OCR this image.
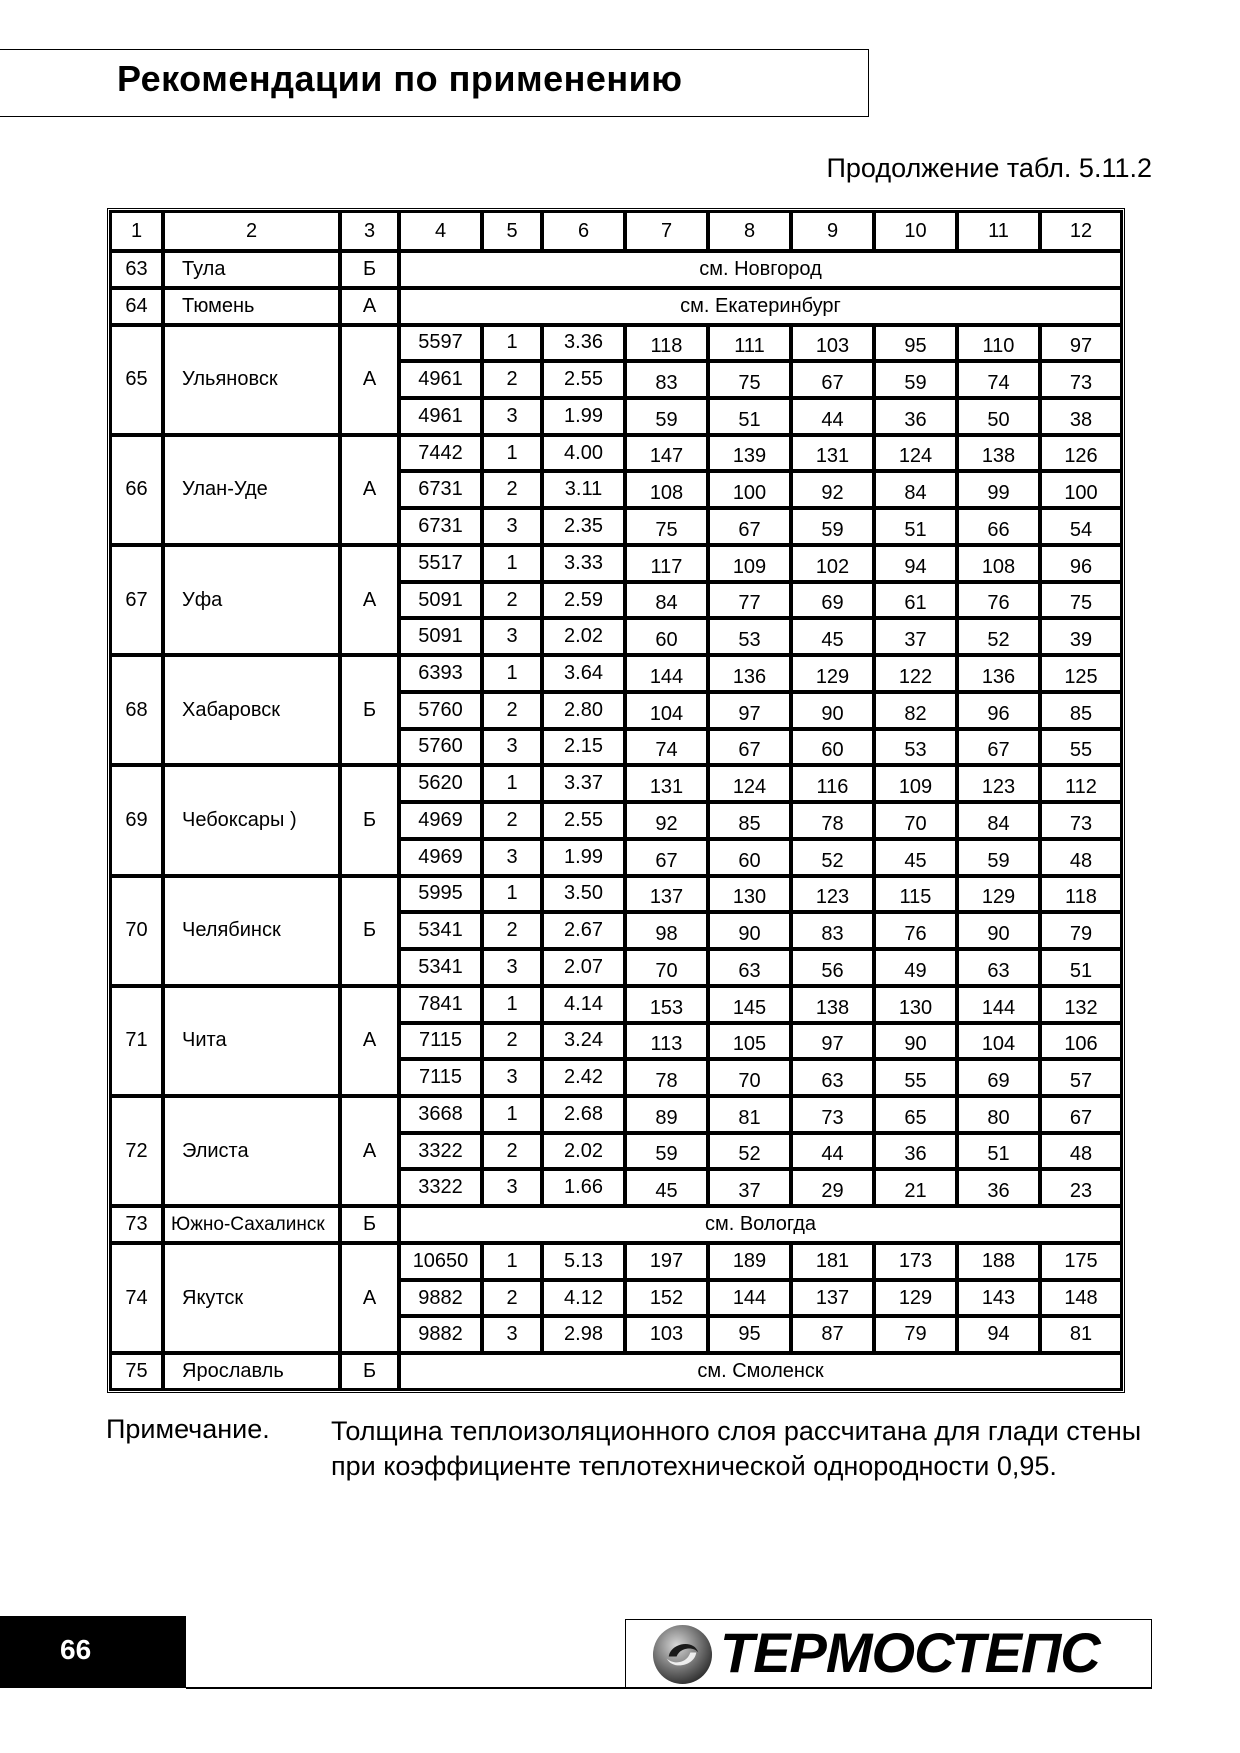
Рекомендации по применению
Продолжение табл. 5.11.2
1	2	3	4	5	6	7	8	9	10	11	12
63	Тула	Б	см. Новгород								
64	Тюмень	А	см. Екатеринбург								
65	Ульяновск	А	5597	1	3.36	118	111	103	95	110	97
			4961	2	2.55	83	75	67	59	74	73
			4961	3	1.99	59	51	44	36	50	38
66	Улан-Уде	А	7442	1	4.00	147	139	131	124	138	126
			6731	2	3.11	108	100	92	84	99	100
			6731	3	2.35	75	67	59	51	66	54
67	Уфа	А	5517	1	3.33	117	109	102	94	108	96
			5091	2	2.59	84	77	69	61	76	75
			5091	3	2.02	60	53	45	37	52	39
68	Хабаровск	Б	6393	1	3.64	144	136	129	122	136	125
			5760	2	2.80	104	97	90	82	96	85
			5760	3	2.15	74	67	60	53	67	55
69	Чебоксары )	Б	5620	1	3.37	131	124	116	109	123	112
			4969	2	2.55	92	85	78	70	84	73
			4969	3	1.99	67	60	52	45	59	48
70	Челябинск	Б	5995	1	3.50	137	130	123	115	129	118
			5341	2	2.67	98	90	83	76	90	79
			5341	3	2.07	70	63	56	49	63	51
71	Чита	А	7841	1	4.14	153	145	138	130	144	132
			7115	2	3.24	113	105	97	90	104	106
			7115	3	2.42	78	70	63	55	69	57
72	Элиста	А	3668	1	2.68	89	81	73	65	80	67
			3322	2	2.02	59	52	44	36	51	48
			3322	3	1.66	45	37	29	21	36	23
73	Южно-Сахалинск	Б	см. Вологда								
74	Якутск	А	10650	1	5.13	197	189	181	173	188	175
			9882	2	4.12	152	144	137	129	143	148
			9882	3	2.98	103	95	87	79	94	81
75	Ярославль	Б	см. Смоленск								
Примечание. Толщина теплоизоляционного слоя рассчитана для глади стены при коэффициенте теплотехнической однородности 0,95.
66	ТЕРМОСТЕПС
